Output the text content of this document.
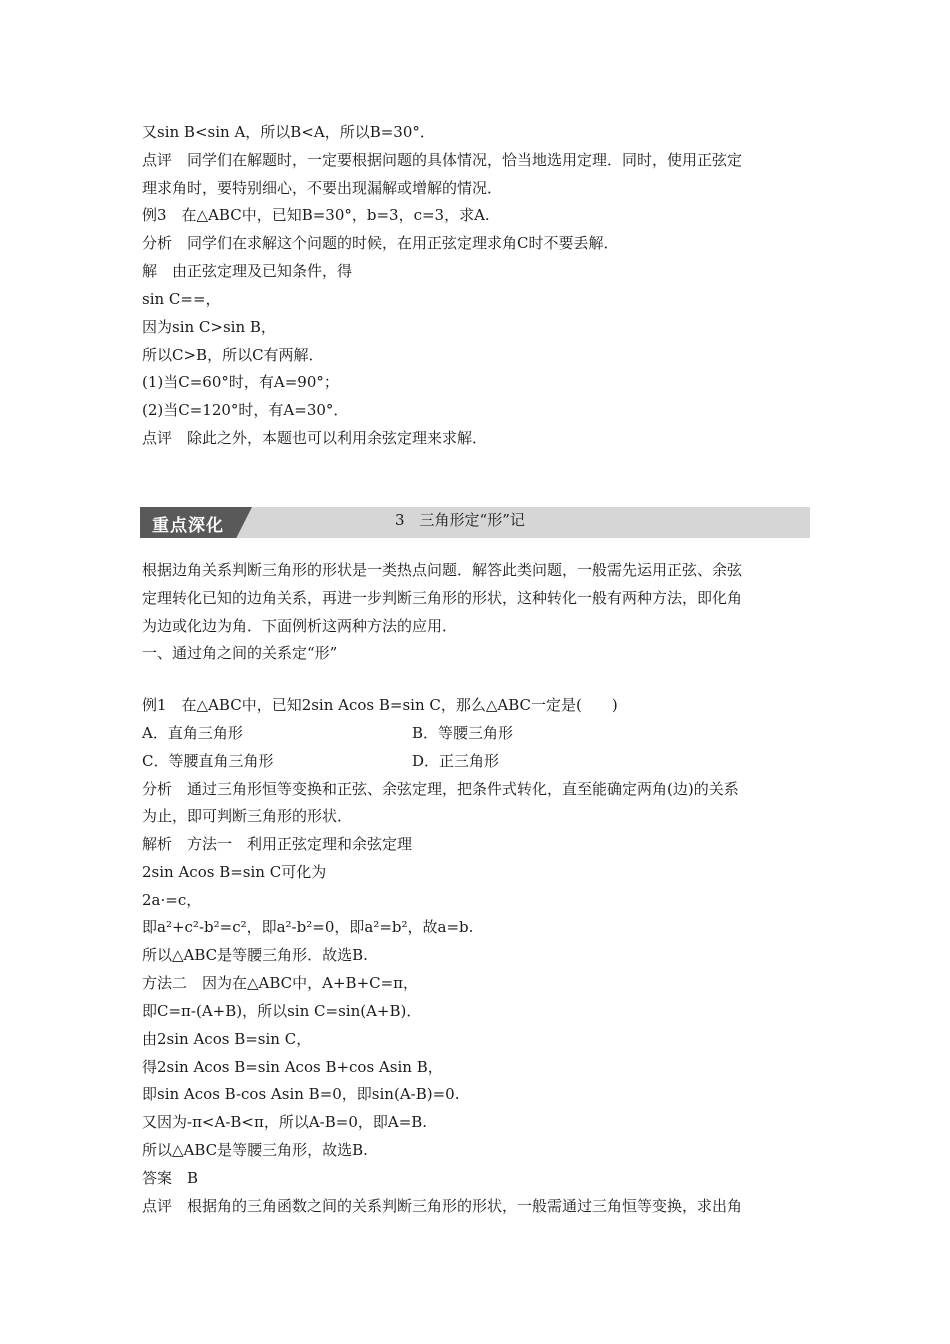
又sin B<sin A，所以B<A，所以B=30°．
点评　同学们在解题时，一定要根据问题的具体情况，恰当地选用定理．同时，使用正弦定
理求角时，要特别细心，不要出现漏解或增解的情况．
例3　在△ABC中，已知B=30°，b=3，c=3，求A.
分析　同学们在求解这个问题的时候，在用正弦定理求角C时不要丢解．
解　由正弦定理及已知条件，得
sin C==，
因为sin C>sin B，
所以C>B，所以C有两解．
(1)当C=60°时，有A=90°；
(2)当C=120°时，有A=30°．
点评　除此之外，本题也可以利用余弦定理来求解．
重点深化	3　三角形定“形”记
根据边角关系判断三角形的形状是一类热点问题．解答此类问题，一般需先运用正弦、余弦
定理转化已知的边角关系，再进一步判断三角形的形状，这种转化一般有两种方法，即化角
为边或化边为角．下面例析这两种方法的应用．
一、通过角之间的关系定“形”
例1　在△ABC中，已知2sin Acos B=sin C，那么△ABC一定是(　　)
A．直角三角形	B．等腰三角形
C．等腰直角三角形	D．正三角形
分析　通过三角形恒等变换和正弦、余弦定理，把条件式转化，直至能确定两角(边)的关系
为止，即可判断三角形的形状．
解析　方法一　利用正弦定理和余弦定理
2sin Acos B=sin C可化为
2a·=c，
即a²+c²-b²=c²，即a²-b²=0，即a²=b²，故a=b.
所以△ABC是等腰三角形．故选B.
方法二　因为在△ABC中，A+B+C=π，
即C=π-(A+B)，所以sin C=sin(A+B)．
由2sin Acos B=sin C，
得2sin Acos B=sin Acos B+cos Asin B，
即sin Acos B-cos Asin B=0，即sin(A-B)=0.
又因为-π<A-B<π，所以A-B=0，即A=B.
所以△ABC是等腰三角形，故选B.
答案　B
点评　根据角的三角函数之间的关系判断三角形的形状，一般需通过三角恒等变换，求出角
